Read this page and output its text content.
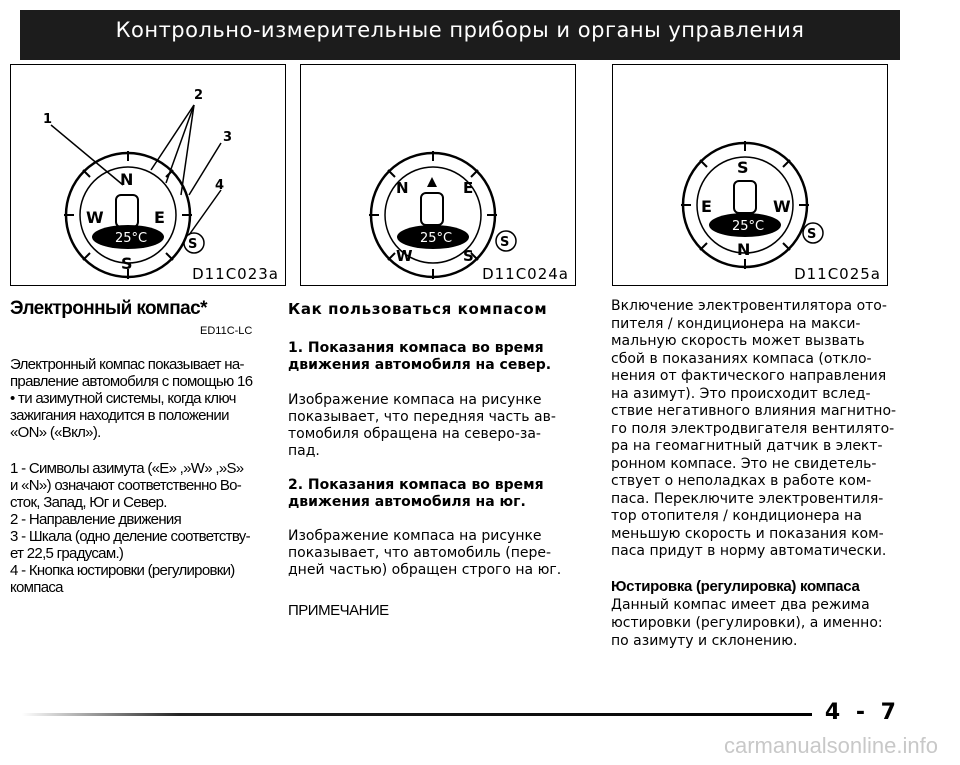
Контрольно-измерительные приборы и органы управления
25°C
N
E
W
S
1
2
3
4
S
D11C023a
25°C
N	E
W	S
S
D11C024a
25°C
S
E	W
N
S
D11C025a
Электронный компас*
ED11C-LC

Электронный компас показывает на-

правление автомобиля с помощью 16

• ти азимутной системы, когда ключ

зажигания находится в положении

«ON» («Вкл»).

1 - Символы азимута («E» ,»W» ,»S»

и «N») означают соответственно Во-

сток, Запад, Юг и Север.

2 - Направление движения

3 - Шкала (одно деление соответству-

ет 22,5 градусам.)

4 - Кнопка юстировки (регулировки)

компаса

Как пользоваться компасом

1. Показания компаса во время

движения автомобиля на север.

Изображение компаса на рисунке

показывает, что передняя часть ав-

томобиля обращена на северо-за-

пад.

2. Показания компаса во время

движения автомобиля на юг.

Изображение компаса на рисунке

показывает, что автомобиль (пере-

дней частью) обращен строго на юг.

ПРИМЕЧАНИЕ

Включение электровентилятора ото-

пителя / кондиционера на макси-

мальную скорость может вызвать

сбой в показаниях компаса (откло-

нения от фактического направления

на азимут). Это происходит вслед-

ствие негативного влияния магнитно-

го поля электродвигателя вентилято-

ра на геомагнитный датчик в элект-

ронном компасе. Это не свидетель-

ствует о неполадках в работе ком-

паса. Переключите электровентиля-

тор отопителя / кондиционера на

меньшую скорость и показания ком-

паса придут в норму автоматически.

Юстировка (регулировка) компаса

Данный компас имеет два режима

юстировки (регулировки), а именно:

по азимуту и склонению.

4 - 7
carmanualsonline.info
